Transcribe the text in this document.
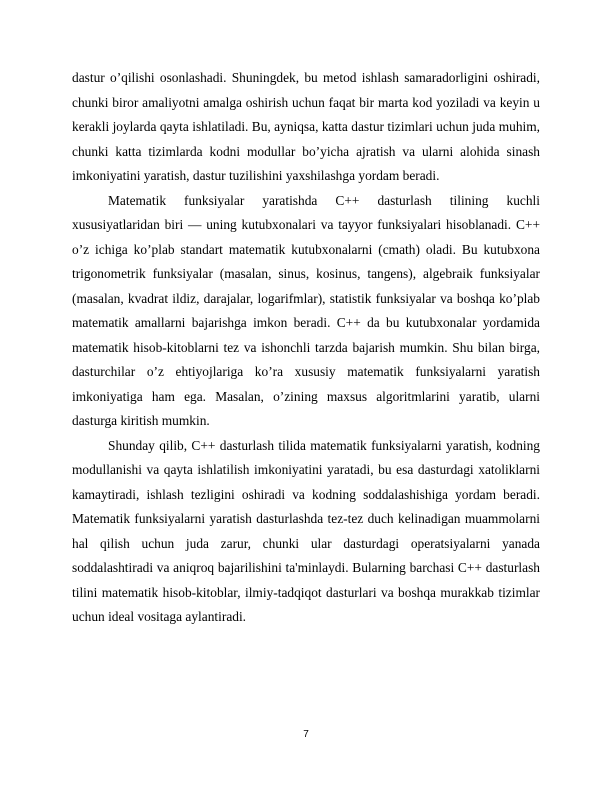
dastur o’qilishi osonlashadi. Shuningdek, bu metod ishlash samaradorligini oshiradi, chunki biror amaliyotni amalga oshirish uchun faqat bir marta kod yoziladi va keyin u kerakli joylarda qayta ishlatiladi. Bu, ayniqsa, katta dastur tizimlari uchun juda muhim, chunki katta tizimlarda kodni modullar bo’yicha ajratish va ularni alohida sinash imkoniyatini yaratish, dastur tuzilishini yaxshilashga yordam beradi.

Matematik funksiyalar yaratishda C++ dasturlash tilining kuchli xususiyatlaridan biri — uning kutubxonalari va tayyor funksiyalari hisoblanadi. C++ o’z ichiga ko’plab standart matematik kutubxonalarni (cmath) oladi. Bu kutubxona trigonometrik funksiyalar (masalan, sinus, kosinus, tangens), algebraik funksiyalar (masalan, kvadrat ildiz, darajalar, logarifmlar), statistik funksiyalar va boshqa ko’plab matematik amallarni bajarishga imkon beradi. C++ da bu kutubxonalar yordamida matematik hisob-kitoblarni tez va ishonchli tarzda bajarish mumkin. Shu bilan birga, dasturchilar o’z ehtiyojlariga ko’ra xususiy matematik funksiyalarni yaratish imkoniyatiga ham ega. Masalan, o’zining maxsus algoritmlarini yaratib, ularni dasturga kiritish mumkin.

Shunday qilib, C++ dasturlash tilida matematik funksiyalarni yaratish, kodning modullanishi va qayta ishlatilish imkoniyatini yaratadi, bu esa dasturdagi xatoliklarni kamaytiradi, ishlash tezligini oshiradi va kodning soddalashishiga yordam beradi. Matematik funksiyalarni yaratish dasturlashda tez-tez duch kelinadigan muammolarni hal qilish uchun juda zarur, chunki ular dasturdagi operatsiyalarni yanada soddalashtiradi va aniqroq bajarilishini ta'minlaydi. Bularning barchasi C++ dasturlash tilini matematik hisob-kitoblar, ilmiy-tadqiqot dasturlari va boshqa murakkab tizimlar uchun ideal vositaga aylantiradi.

7
